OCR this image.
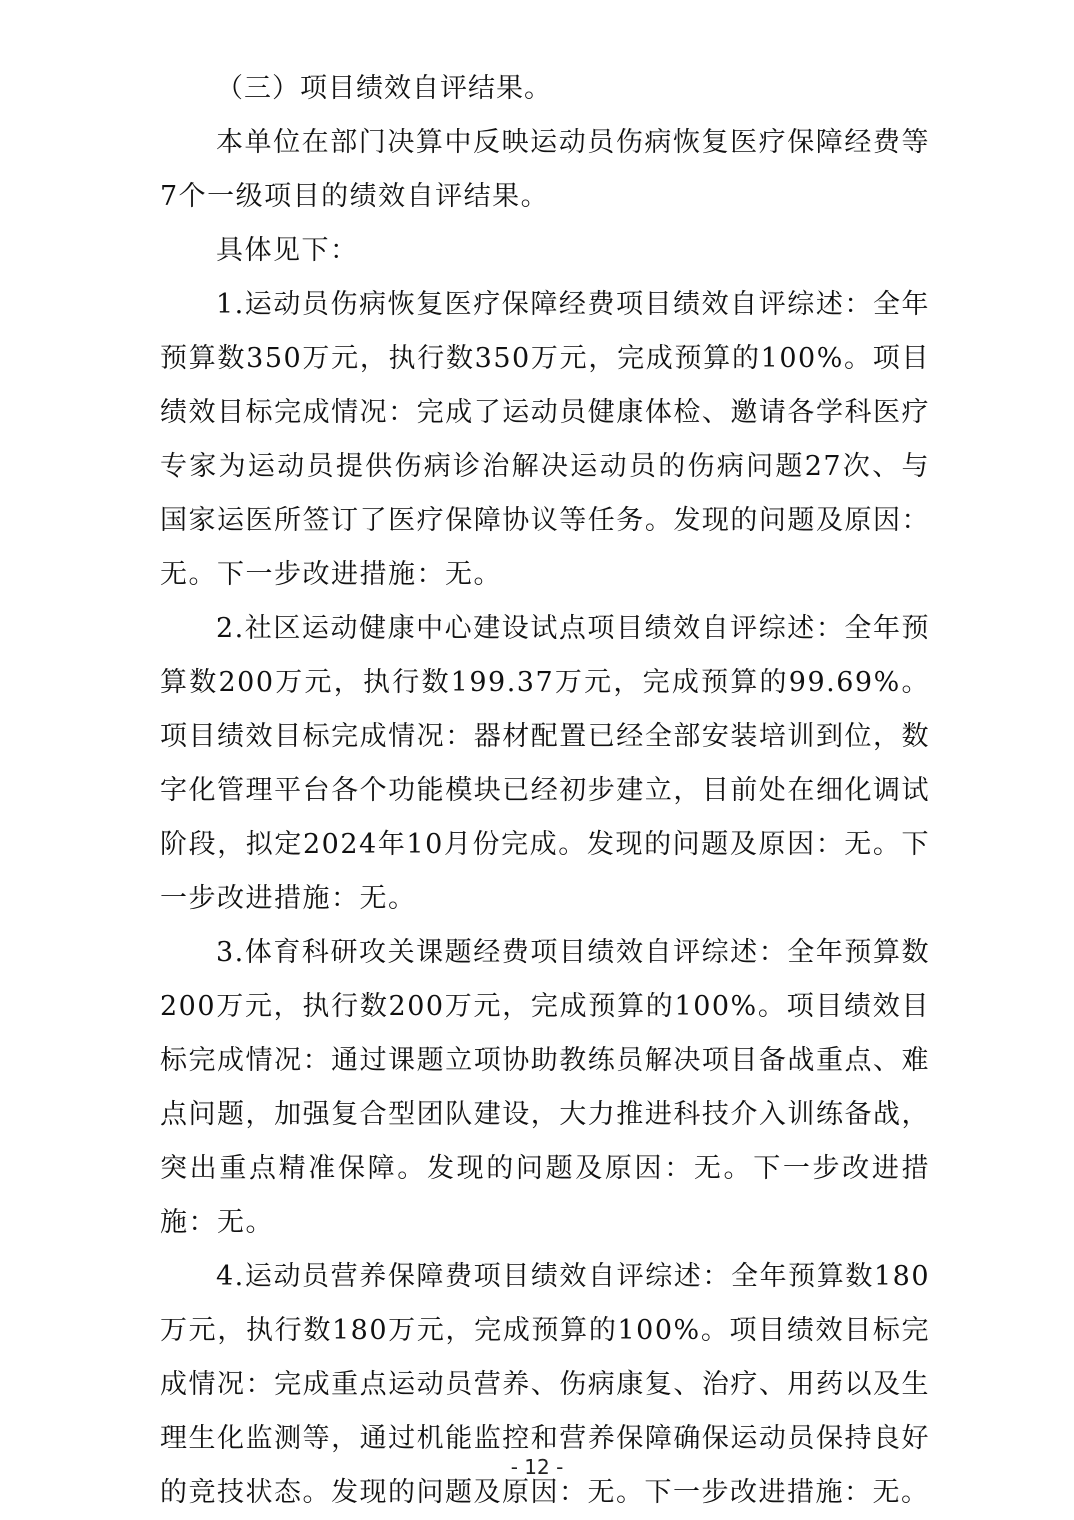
（三）项目绩效自评结果。

本单位在部门决算中反映运动员伤病恢复医疗保障经费等7个一级项目的绩效自评结果。

具体见下：

1.运动员伤病恢复医疗保障经费项目绩效自评综述：全年预算数350万元，执行数350万元，完成预算的100%。项目绩效目标完成情况：完成了运动员健康体检、邀请各学科医疗专家为运动员提供伤病诊治解决运动员的伤病问题27次、与国家运医所签订了医疗保障协议等任务。发现的问题及原因：无。下一步改进措施：无。

2.社区运动健康中心建设试点项目绩效自评综述：全年预算数200万元，执行数199.37万元，完成预算的99.69%。项目绩效目标完成情况：器材配置已经全部安装培训到位，数字化管理平台各个功能模块已经初步建立，目前处在细化调试阶段，拟定2024年10月份完成。发现的问题及原因：无。下一步改进措施：无。

3.体育科研攻关课题经费项目绩效自评综述：全年预算数200万元，执行数200万元，完成预算的100%。项目绩效目标完成情况：通过课题立项协助教练员解决项目备战重点、难点问题，加强复合型团队建设，大力推进科技介入训练备战，突出重点精准保障。发现的问题及原因：无。下一步改进措施：无。

4.运动员营养保障费项目绩效自评综述：全年预算数180万元，执行数180万元，完成预算的100%。项目绩效目标完成情况：完成重点运动员营养、伤病康复、治疗、用药以及生理生化监测等，通过机能监控和营养保障确保运动员保持良好的竞技状态。发现的问题及原因：无。下一步改进措施：无。

- 12 -
